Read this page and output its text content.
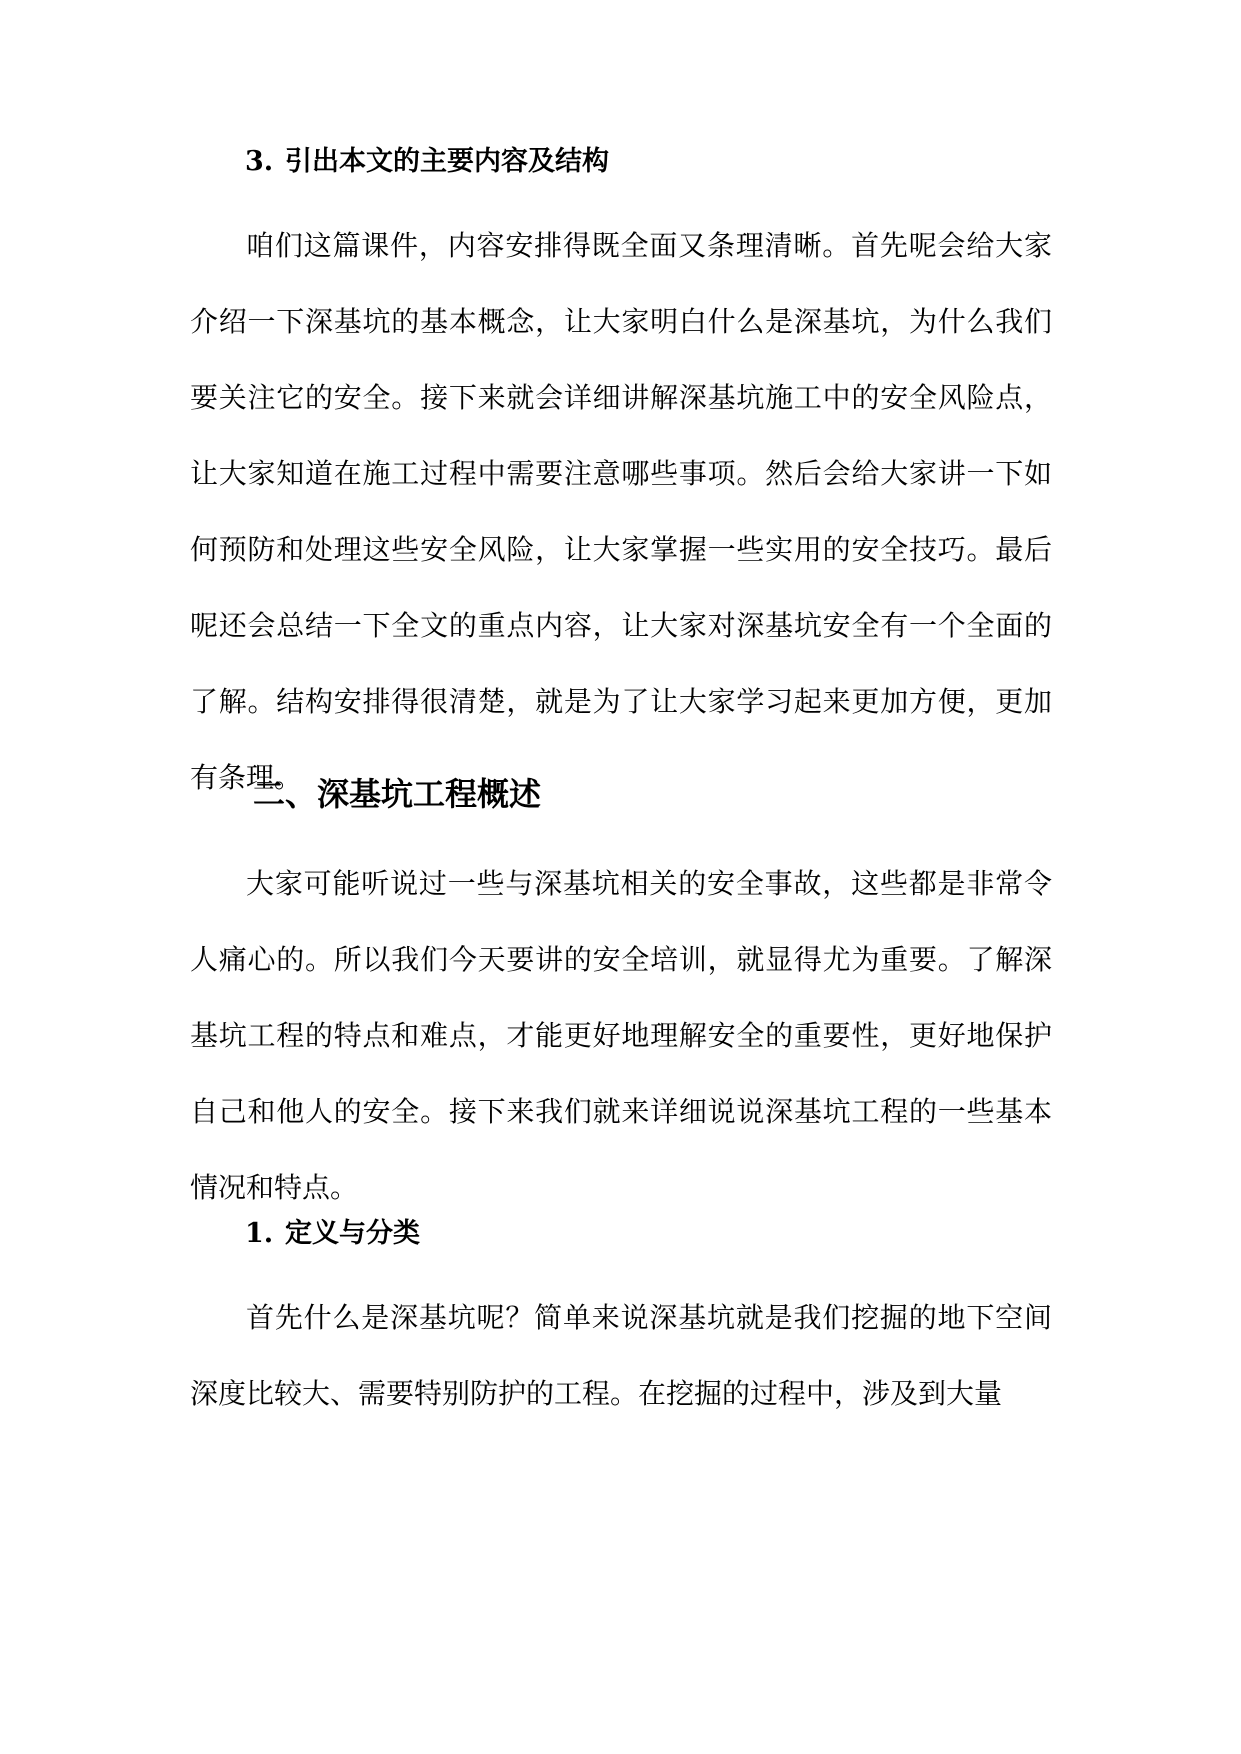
3. 引出本文的主要内容及结构

咱们这篇课件，内容安排得既全面又条理清晰。首先呢会给大家介绍一下深基坑的基本概念，让大家明白什么是深基坑，为什么我们要关注它的安全。接下来就会详细讲解深基坑施工中的安全风险点，让大家知道在施工过程中需要注意哪些事项。然后会给大家讲一下如何预防和处理这些安全风险，让大家掌握一些实用的安全技巧。最后呢还会总结一下全文的重点内容，让大家对深基坑安全有一个全面的了解。结构安排得很清楚，就是为了让大家学习起来更加方便，更加有条理。

二、深基坑工程概述

大家可能听说过一些与深基坑相关的安全事故，这些都是非常令人痛心的。所以我们今天要讲的安全培训，就显得尤为重要。了解深基坑工程的特点和难点，才能更好地理解安全的重要性，更好地保护自己和他人的安全。接下来我们就来详细说说深基坑工程的一些基本情况和特点。

1. 定义与分类

首先什么是深基坑呢？简单来说深基坑就是我们挖掘的地下空间深度比较大、需要特别防护的工程。在挖掘的过程中，涉及到大量
